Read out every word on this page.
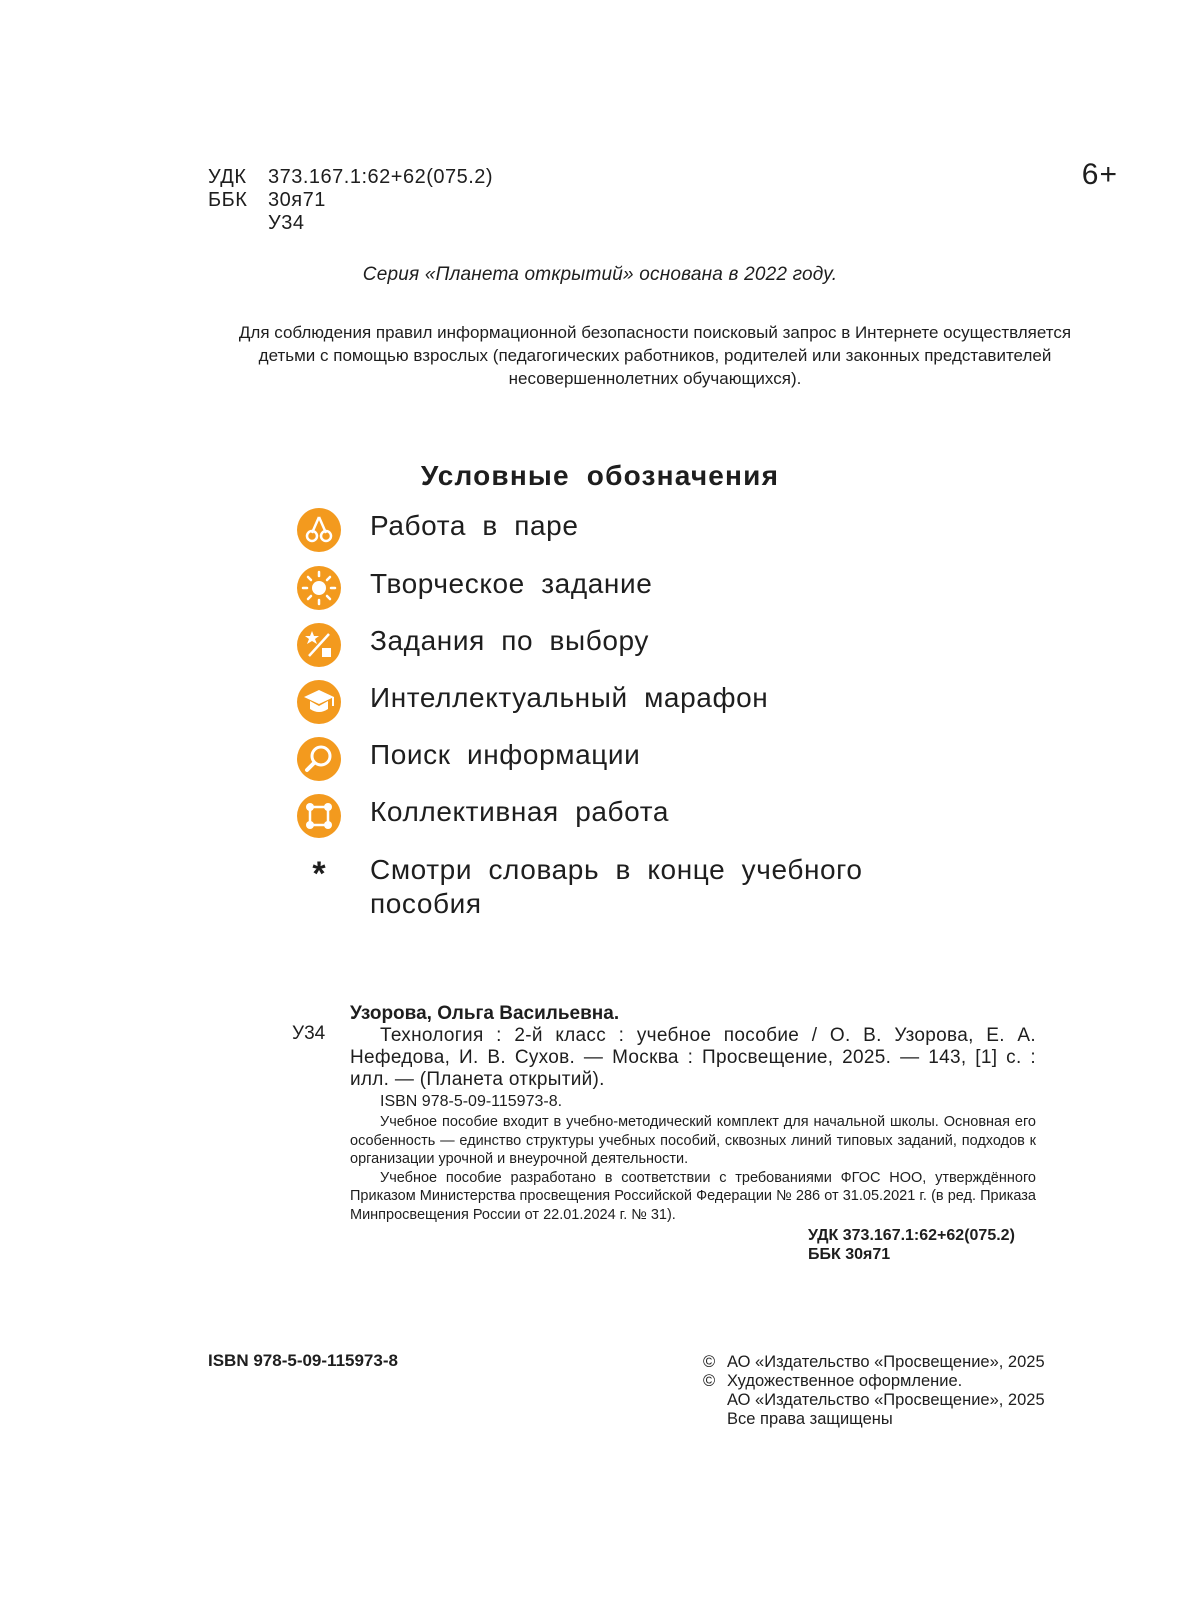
УДК	373.167.1:62+62(075.2)
ББК	30я71
У34
6+
Серия «Планета открытий» основана в 2022 году.
Для соблюдения правил информационной безопасности поисковый запрос в Интернете осуществляется детьми с помощью взрослых (педагогических работников, родителей или законных представителей несовершеннолетних обучающихся).
Условные обозначения
Работа в паре
Творческое задание
Задания по выбору
Интеллектуальный марафон
Поиск информации
Коллективная работа
*	Смотри словарь в конце учебного пособия
У34
Узорова, Ольга Васильевна.
Технология : 2-й класс : учебное пособие / О. В. Узорова, Е. А. Нефедова, И. В. Сухов. — Москва : Просвещение, 2025. — 143, [1] с. : илл. — (Планета открытий).
ISBN 978-5-09-115973-8.

Учебное пособие входит в учебно-методический комплект для начальной школы. Основная его особенность — единство структуры учебных пособий, сквозных линий типовых заданий, подходов к организации урочной и внеурочной деятельности.

Учебное пособие разработано в соответствии с требованиями ФГОС НОО, утверждённого Приказом Министерства просвещения Российской Федерации № 286 от 31.05.2021 г. (в ред. Приказа Минпросвещения России от 22.01.2024 г. № 31).

УДК 373.167.1:62+62(075.2)
ББК 30я71
ISBN 978-5-09-115973-8	© АО «Издательство «Просвещение», 2025
© Художественное оформление.
АО «Издательство «Просвещение», 2025
Все права защищены
